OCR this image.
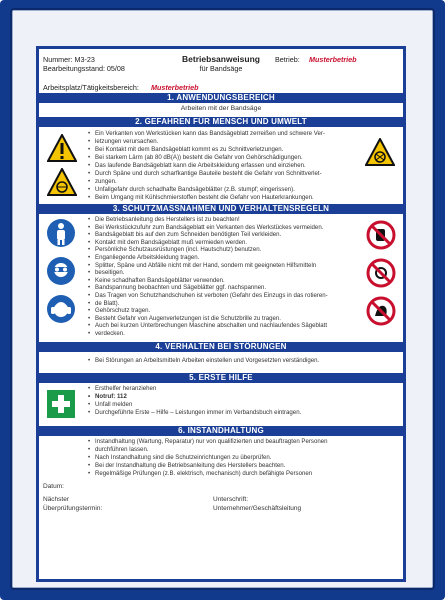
Nummer: M3-23
Bearbeitungsstand: 05/08
Betriebsanweisung
für Bandsäge
Betrieb: Musterbetrieb
Arbeitsplatz/Tätigkeitsbereich: Musterbetrieb
1. ANWENDUNGSBEREICH
Arbeiten mit der Bandsäge
2. GEFAHREN FÜR MENSCH UND UMWELT
• Ein Verkanten von Werkstücken kann das Bandsägeblatt zerreißen und schwere Ver-
• letzungen verursachen.
• Bei Kontakt mit dem Bandsägeblatt kommt es zu Schnittverletzungen.
• Bei starkem Lärm (ab 80 dB(A)) besteht die Gefahr von Gehörschädigungen.
• Das laufende Bandsägeblatt kann die Arbeitskleidung erfassen und einziehen.
• Durch Späne und durch scharfkantige Bauteile besteht die Gefahr von Schnittverlet-
• zungen.
• Unfallgefahr durch schadhafte Bandsägeblätter (z.B. stumpf; eingerissen).
• Beim Umgang mit Kühlschmierstoffen besteht die Gefahr von Hauterkrankungen.
3. SCHUTZMASSNAHMEN UND VERHALTENSREGELN
• Die Betriebsanleitung des Herstellers ist zu beachten!
• Bei Werkstückzufuhr zum Bandsägeblatt ein Verkanten des Werkstückes vermeiden.
• Bandsägeblatt bis auf den zum Schneiden benötigten Teil verkleiden.
• Kontakt mit dem Bandsägeblatt muß vermieden werden.
• Persönliche Schutzausrüstungen (incl. Hautschutz) benutzen.
• Enganliegende Arbeitskleidung tragen.
• Splitter, Späne und Abfälle nicht mit der Hand, sondern mit geeigneten Hilfsmitteln
• beseitigen.
• Keine schadhaften Bandsägeblätter verwenden.
• Bandspannung beobachten und Sägeblätter ggf. nachspannen.
• Das Tragen von Schutzhandschuhen ist verboten (Gefahr des Einzugs in das rotieren-
• de Blatt).
• Gehörschutz tragen.
• Besteht Gefahr von Augenverletzungen ist die Schutzbrille zu tragen.
• Auch bei kurzen Unterbrechungen Maschine abschalten und nachlaufendes Sägeblatt
• verdecken.
4. VERHALTEN BEI STÖRUNGEN
• Bei Störungen an Arbeitsmitteln Arbeiten einstellen und Vorgesetzten verständigen.
5. ERSTE HILFE
• Ersthelfer heranziehen
• Notruf: 112
• Unfall melden
• Durchgeführte Erste – Hilfe – Leistungen immer im Verbandsbuch eintragen.
6. INSTANDHALTUNG
• Instandhaltung (Wartung, Reparatur) nur von qualifizierten und beauftragten Personen
• durchführen lassen.
• Nach Instandhaltung sind die Schutzeinrichtungen zu überprüfen.
• Bei der Instandhaltung die Betriebsanleitung des Herstellers beachten.
• Regelmäßige Prüfungen (z.B. elektrisch, mechanisch) durch befähigte Personen
Datum:
Nächster
Überprüfungstermin:
Unterschrift:
Unternehmer/Geschäftsleitung
